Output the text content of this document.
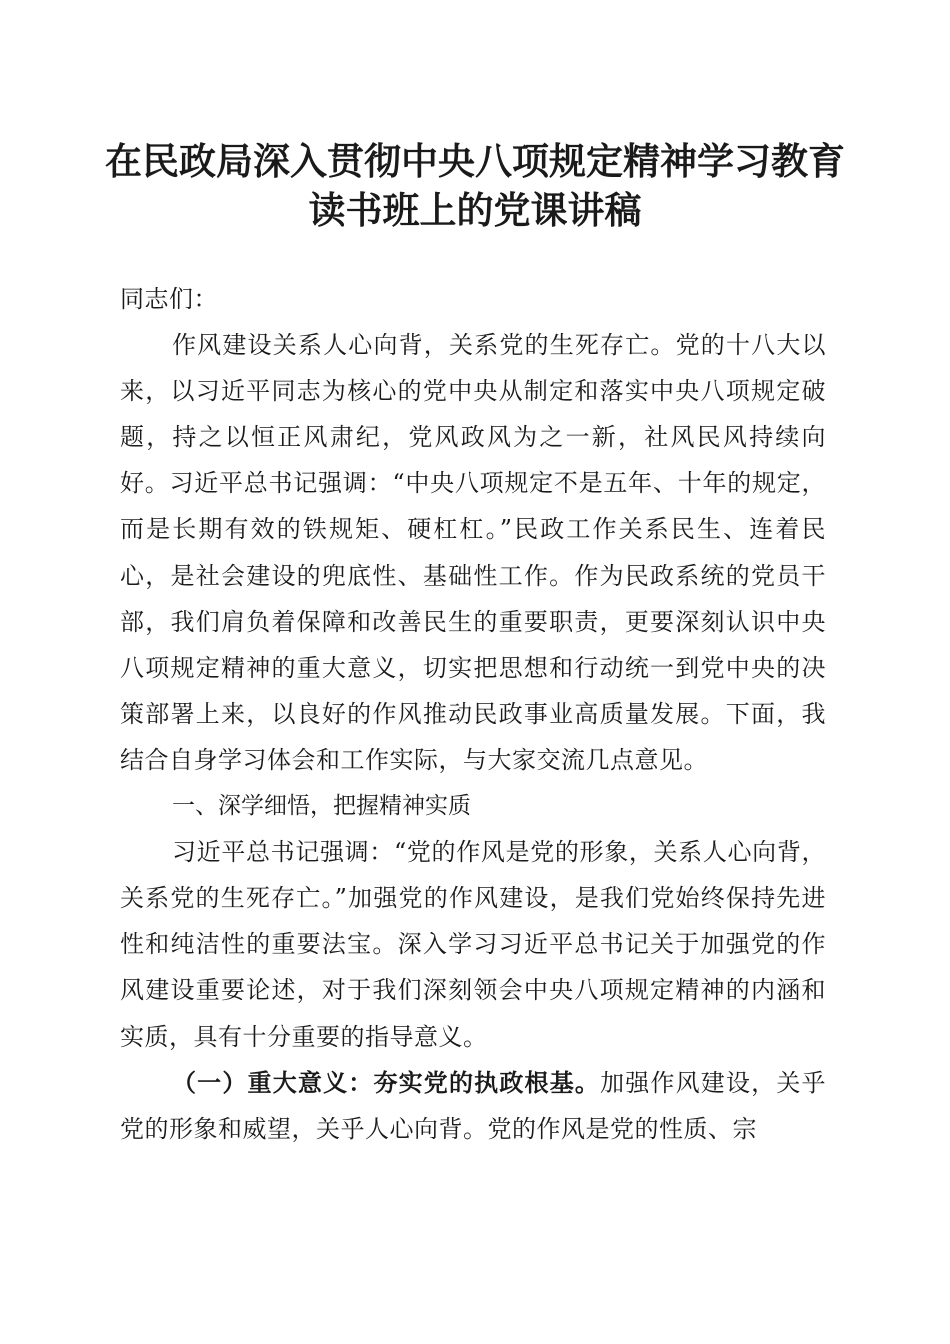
在民政局深入贯彻中央八项规定精神学习教育
读书班上的党课讲稿

同志们：

作风建设关系人心向背，关系党的生死存亡。党的十八大以来，以习近平同志为核心的党中央从制定和落实中央八项规定破题，持之以恒正风肃纪，党风政风为之一新，社风民风持续向好。习近平总书记强调：“中央八项规定不是五年、十年的规定，而是长期有效的铁规矩、硬杠杠。”民政工作关系民生、连着民心，是社会建设的兜底性、基础性工作。作为民政系统的党员干部，我们肩负着保障和改善民生的重要职责，更要深刻认识中央八项规定精神的重大意义，切实把思想和行动统一到党中央的决策部署上来，以良好的作风推动民政事业高质量发展。下面，我结合自身学习体会和工作实际，与大家交流几点意见。

一、深学细悟，把握精神实质

习近平总书记强调：“党的作风是党的形象，关系人心向背，关系党的生死存亡。”加强党的作风建设，是我们党始终保持先进性和纯洁性的重要法宝。深入学习习近平总书记关于加强党的作风建设重要论述，对于我们深刻领会中央八项规定精神的内涵和实质，具有十分重要的指导意义。

（一）重大意义：夯实党的执政根基。加强作风建设，关乎党的形象和威望，关乎人心向背。党的作风是党的性质、宗
